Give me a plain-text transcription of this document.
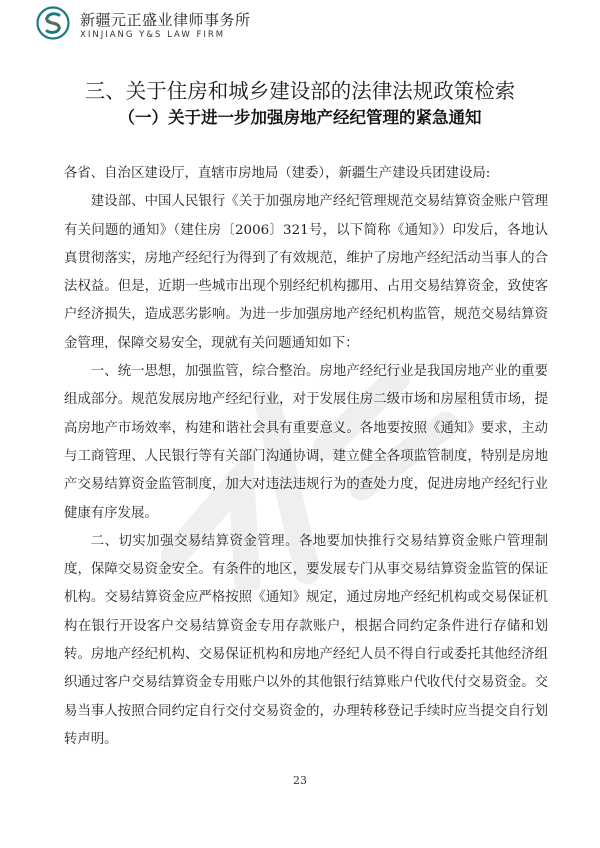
新疆元正盛业律师事务所
XINJIANG Y&S LAW FIRM
三、关于住房和城乡建设部的法律法规政策检索
（一）关于进一步加强房地产经纪管理的紧急通知

各省、自治区建设厅，直辖市房地局（建委），新疆生产建设兵团建设局:

建设部、中国人民银行《关于加强房地产经纪管理规范交易结算资金账户管理有关问题的通知》（建住房〔2006〕321号，以下简称《通知》）印发后，各地认真贯彻落实，房地产经纪行为得到了有效规范，维护了房地产经纪活动当事人的合法权益。但是，近期一些城市出现个别经纪机构挪用、占用交易结算资金，致使客户经济损失，造成恶劣影响。为进一步加强房地产经纪机构监管，规范交易结算资金管理，保障交易安全，现就有关问题通知如下：

一、统一思想，加强监管，综合整治。房地产经纪行业是我国房地产业的重要组成部分。规范发展房地产经纪行业，对于发展住房二级市场和房屋租赁市场，提高房地产市场效率，构建和谐社会具有重要意义。各地要按照《通知》要求，主动与工商管理、人民银行等有关部门沟通协调，建立健全各项监管制度，特别是房地产交易结算资金监管制度，加大对违法违规行为的查处力度，促进房地产经纪行业健康有序发展。

二、切实加强交易结算资金管理。各地要加快推行交易结算资金账户管理制度，保障交易资金安全。有条件的地区，要发展专门从事交易结算资金监管的保证机构。交易结算资金应严格按照《通知》规定，通过房地产经纪机构或交易保证机构在银行开设客户交易结算资金专用存款账户，根据合同约定条件进行存储和划转。房地产经纪机构、交易保证机构和房地产经纪人员不得自行或委托其他经济组织通过客户交易结算资金专用账户以外的其他银行结算账户代收代付交易资金。交易当事人按照合同约定自行交付交易资金的，办理转移登记手续时应当提交自行划转声明。

23
